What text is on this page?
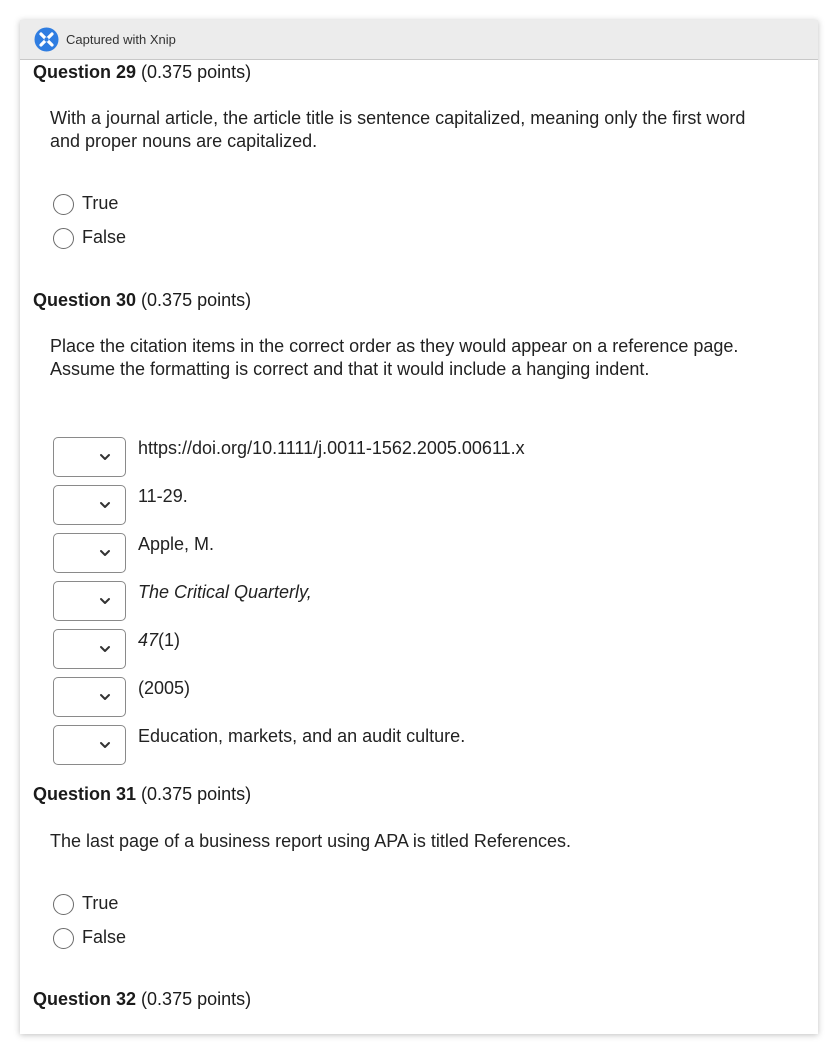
Captured with Xnip
Question 29 (0.375 points)
With a journal article, the article title is sentence capitalized, meaning only the first word and proper nouns are capitalized.
True
False
Question 30 (0.375 points)
Place the citation items in the correct order as they would appear on a reference page. Assume the formatting is correct and that it would include a hanging indent.
https://doi.org/10.1111/j.0011-1562.2005.00611.x
11-29.
Apple, M.
The Critical Quarterly,
47(1)
(2005)
Education, markets, and an audit culture.
Question 31 (0.375 points)
The last page of a business report using APA is titled References.
True
False
Question 32 (0.375 points)
